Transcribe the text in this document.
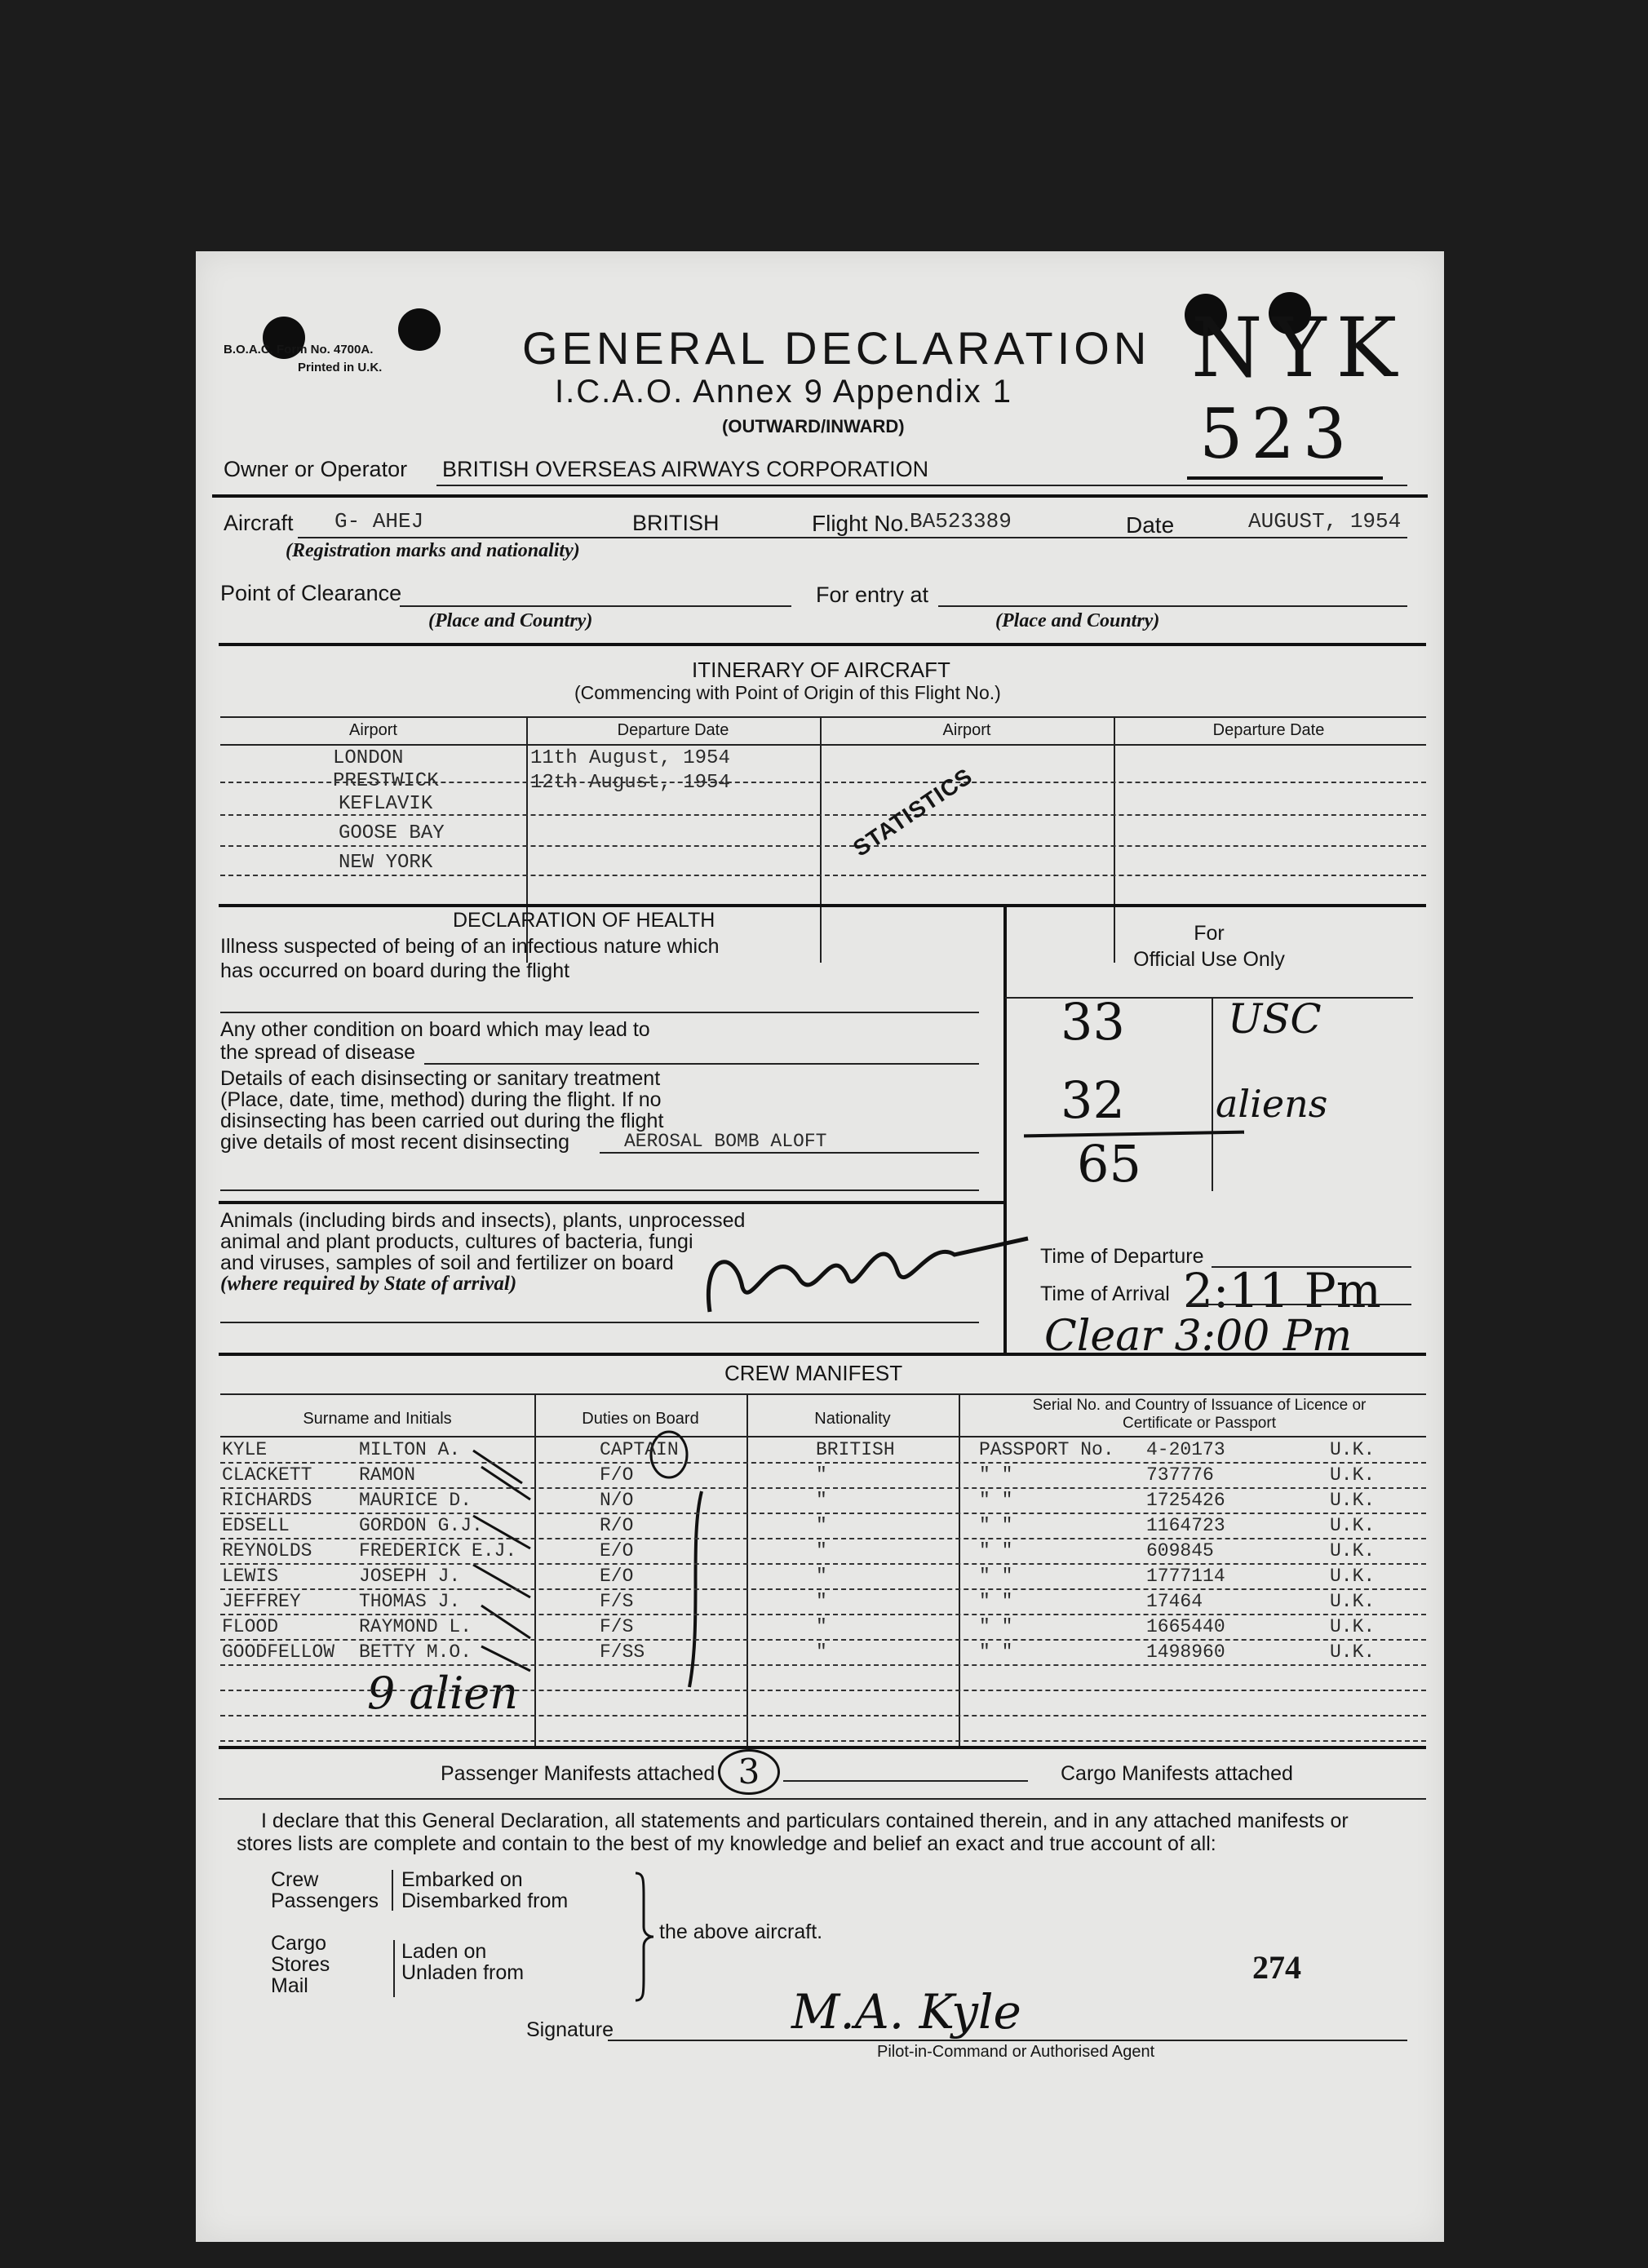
B.O.A.C. Form No. 4700A.
Printed in U.K.	GENERAL DECLARATION
I.C.A.O. Annex 9 Appendix 1
(OUTWARD/INWARD)
NYK
523
Owner or Operator BRITISH OVERSEAS AIRWAYS CORPORATION
Aircraft G- AHEJ	BRITISH	Flight No. BA523389	Date	AUGUST, 1954
(Registration marks and nationality)
Point of Clearance
(Place and Country)
For entry at
(Place and Country)
ITINERARY OF AIRCRAFT
(Commencing with Point of Origin of this Flight No.)
Airport	Departure Date	Airport	Departure Date
LONDON	11th August, 1954
PRESTWICK	12th August, 1954
KEFLAVIK
GOOSE BAY
NEW YORK
STATISTICS
DECLARATION OF HEALTH
Illness suspected of being of an infectious nature which
has occurred on board during the flight
Any other condition on board which may lead to
the spread of disease
Details of each disinsecting or sanitary treatment
(Place, date, time, method) during the flight. If no
disinsecting has been carried out during the flight
give details of most recent disinsecting	AEROSAL BOMB ALOFT
Animals (including birds and insects), plants, unprocessed
animal and plant products, cultures of bacteria, fungi
and viruses, samples of soil and fertilizer on board
(where required by State of arrival)
For
Official Use Only
33	USC
32 aliens
65
Time of Departure
Time of Arrival 2:11 Pm
Clear 3:00 Pm
CREW MANIFEST
Surname and Initials	Duties on Board	Nationality
Serial No. and Country of Issuance of Licence or Certificate or Passport
9 alien
Passenger Manifests attached 3	Cargo Manifests attached
I declare that this General Declaration, all statements and particulars contained therein, and in any attached manifests or
stores lists are complete and contain to the best of my knowledge and belief an exact and true account of all:
Crew
Passengers
Embarked on
Disembarked from
Cargo
Stores
Mail
Laden on
Unladen from
the above aircraft.
274
Signature	M.A. Kyle
Pilot-in-Command or Authorised Agent
KYLE	MILTON A.	CAPTAIN	BRITISH	PASSPORT No. 4-20173	U.K.
CLACKETT	RAMON	F/O	"	" "	737776	U.K.
RICHARDS	MAURICE D.	N/O	"	" "	1725426	U.K.
EDSELL	GORDON G.J.	R/O	"	" "	1164723	U.K.
REYNOLDS	FREDERICK E.J.	E/O	"	" "	609845	U.K.
LEWIS	JOSEPH J.	E/O	"	" "	1777114	U.K.
JEFFREY	THOMAS J.	F/S	"	" "	17464	U.K.
FLOOD	RAYMOND L.	F/S	"	" "	1665440	U.K.
GOODFELLOW BETTY M.O.	F/SS	"	" "	1498960	U.K.
